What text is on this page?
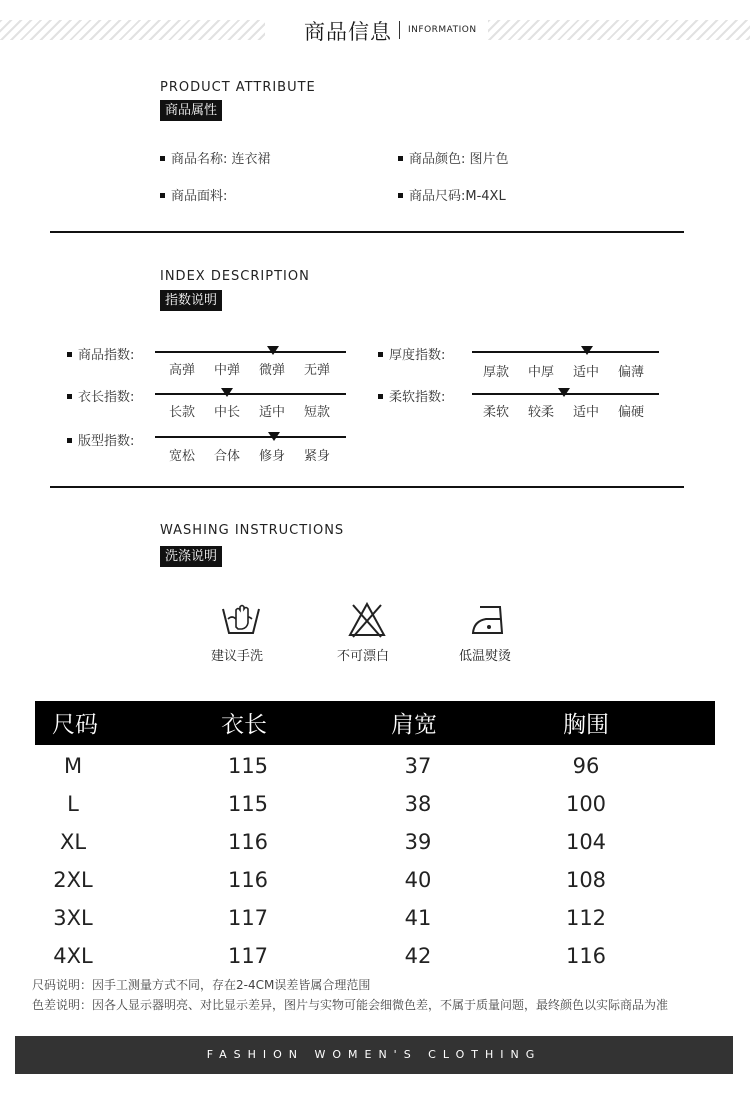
商品信息 INFORMATION
PRODUCT ATTRIBUTE
商品属性
商品名称: 连衣裙	商品颜色: 图片色
商品面料:	商品尺码:M-4XL
INDEX DESCRIPTION
指数说明
商品指数:
高弹 中弹 微弹 无弹
厚度指数:
厚款 中厚 适中 偏薄
衣长指数:
长款 中长 适中 短款
柔软指数:
柔软 较柔 适中 偏硬
版型指数:
宽松 合体 修身 紧身
WASHING INSTRUCTIONS
洗涤说明
建议手洗	不可漂白	低温熨烫
尺码	衣长	肩宽	胸围
M	115	37	96
L	115	38	100
XL	116	39	104
2XL	116	40	108
3XL	117	41	112
4XL	117	42	116
尺码说明：因手工测量方式不同，存在2-4CM误差皆属合理范围
色差说明：因各人显示器明亮、对比显示差异，图片与实物可能会细微色差，不属于质量问题，最终颜色以实际商品为准
FASHION WOMEN'S CLOTHING
